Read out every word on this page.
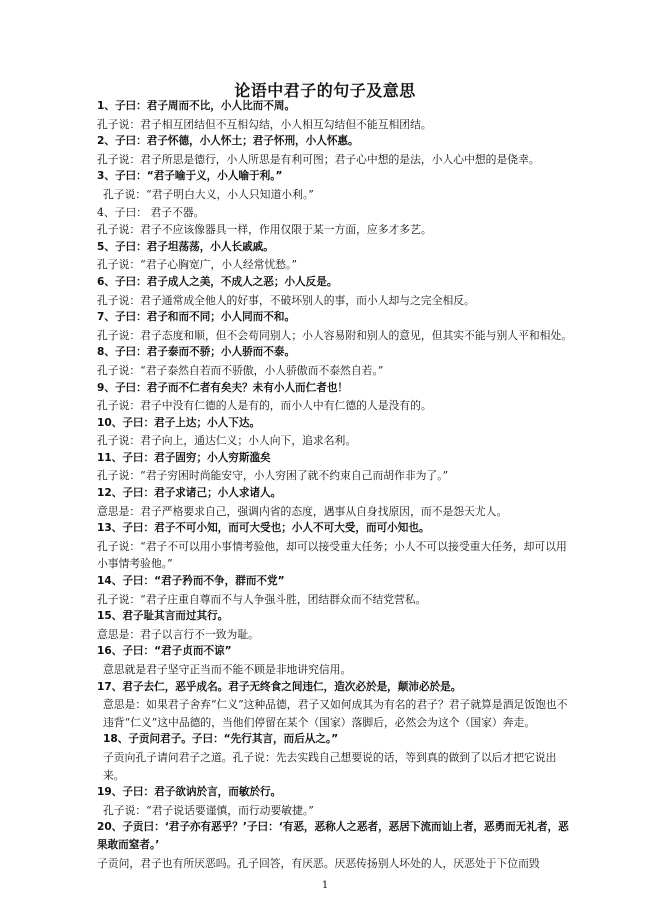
论语中君子的句子及意思
1、子曰：君子周而不比，小人比而不周。
孔子说：君子相互团结但不互相勾结，小人相互勾结但不能互相团结。
2、子曰：君子怀德，小人怀土；君子怀刑，小人怀惠。
孔子说：君子所思是德行，小人所思是有利可图；君子心中想的是法，小人心中想的是侥幸。
3、子曰：“君子喻于义，小人喻于利。”
孔子说：“君子明白大义，小人只知道小利。”
4、子曰： 君子不器。
孔子说：君子不应该像器具一样，作用仅限于某一方面，应多才多艺。
5、子曰：君子坦荡荡，小人长戚戚。
孔子说：“君子心胸宽广，小人经常忧愁。”
6、子曰：君子成人之美，不成人之恶；小人反是。
孔子说：君子通常成全他人的好事，不破坏别人的事，而小人却与之完全相反。
7、子曰：君子和而不同；小人同而不和。
孔子说：君子态度和顺，但不会苟同别人；小人容易附和别人的意见，但其实不能与别人平和相处。
8、子曰：君子泰而不骄；小人骄而不泰。
孔子说：“君子泰然自若而不骄傲，小人骄傲而不泰然自若。”
9、子曰：君子而不仁者有矣夫？未有小人而仁者也！
孔子说：君子中没有仁德的人是有的，而小人中有仁德的人是没有的。
10、子曰：君子上达；小人下达。
孔子说：君子向上，通达仁义；小人向下，追求名利。
11、子曰：君子固穷；小人穷斯滥矣
孔子说：“君子穷困时尚能安守，小人穷困了就不约束自己而胡作非为了。”
12、子曰：君子求诸己；小人求诸人。
意思是：君子严格要求自己，强调内省的态度，遇事从自身找原因，而不是怨天尤人。
13、子曰：君子不可小知，而可大受也；小人不可大受，而可小知也。
孔子说：“君子不可以用小事情考验他，却可以接受重大任务；小人不可以接受重大任务，却可以用小事情考验他。”
14、子曰：“君子矜而不争，群而不党”
孔子说：“君子庄重自尊而不与人争强斗胜，团结群众而不结党营私。
15、君子耻其言而过其行。
意思是：君子以言行不一致为耻。
16、子曰：“君子贞而不谅”
意思就是君子坚守正当而不能不顾是非地讲究信用。
17、君子去仁，恶乎成名。君子无终食之间违仁，造次必於是，颠沛必於是。
意思是：如果君子舍弃“仁义”这种品德，君子又如何成其为有名的君子？君子就算是酒足饭饱也不违背“仁义”这中品德的，当他们停留在某个（国家）落脚后，必然会为这个（国家）奔走。
18、子贡问君子。子曰：“先行其言，而后从之。”
子贡向孔子请问君子之道。孔子说：先去实践自己想要说的话，等到真的做到了以后才把它说出来。
19、子曰：君子欲讷於言，而敏於行。
孔子说：“君子说话要谨慎，而行动要敏捷。”
20、子贡曰：‘君子亦有恶乎？’子曰：‘有恶，恶称人之恶者，恶居下流而讪上者，恶勇而无礼者，恶果敢而窒者。’
子贡问，君子也有所厌恶吗。孔子回答，有厌恶。厌恶传扬别人坏处的人，厌恶处于下位而毁
1
